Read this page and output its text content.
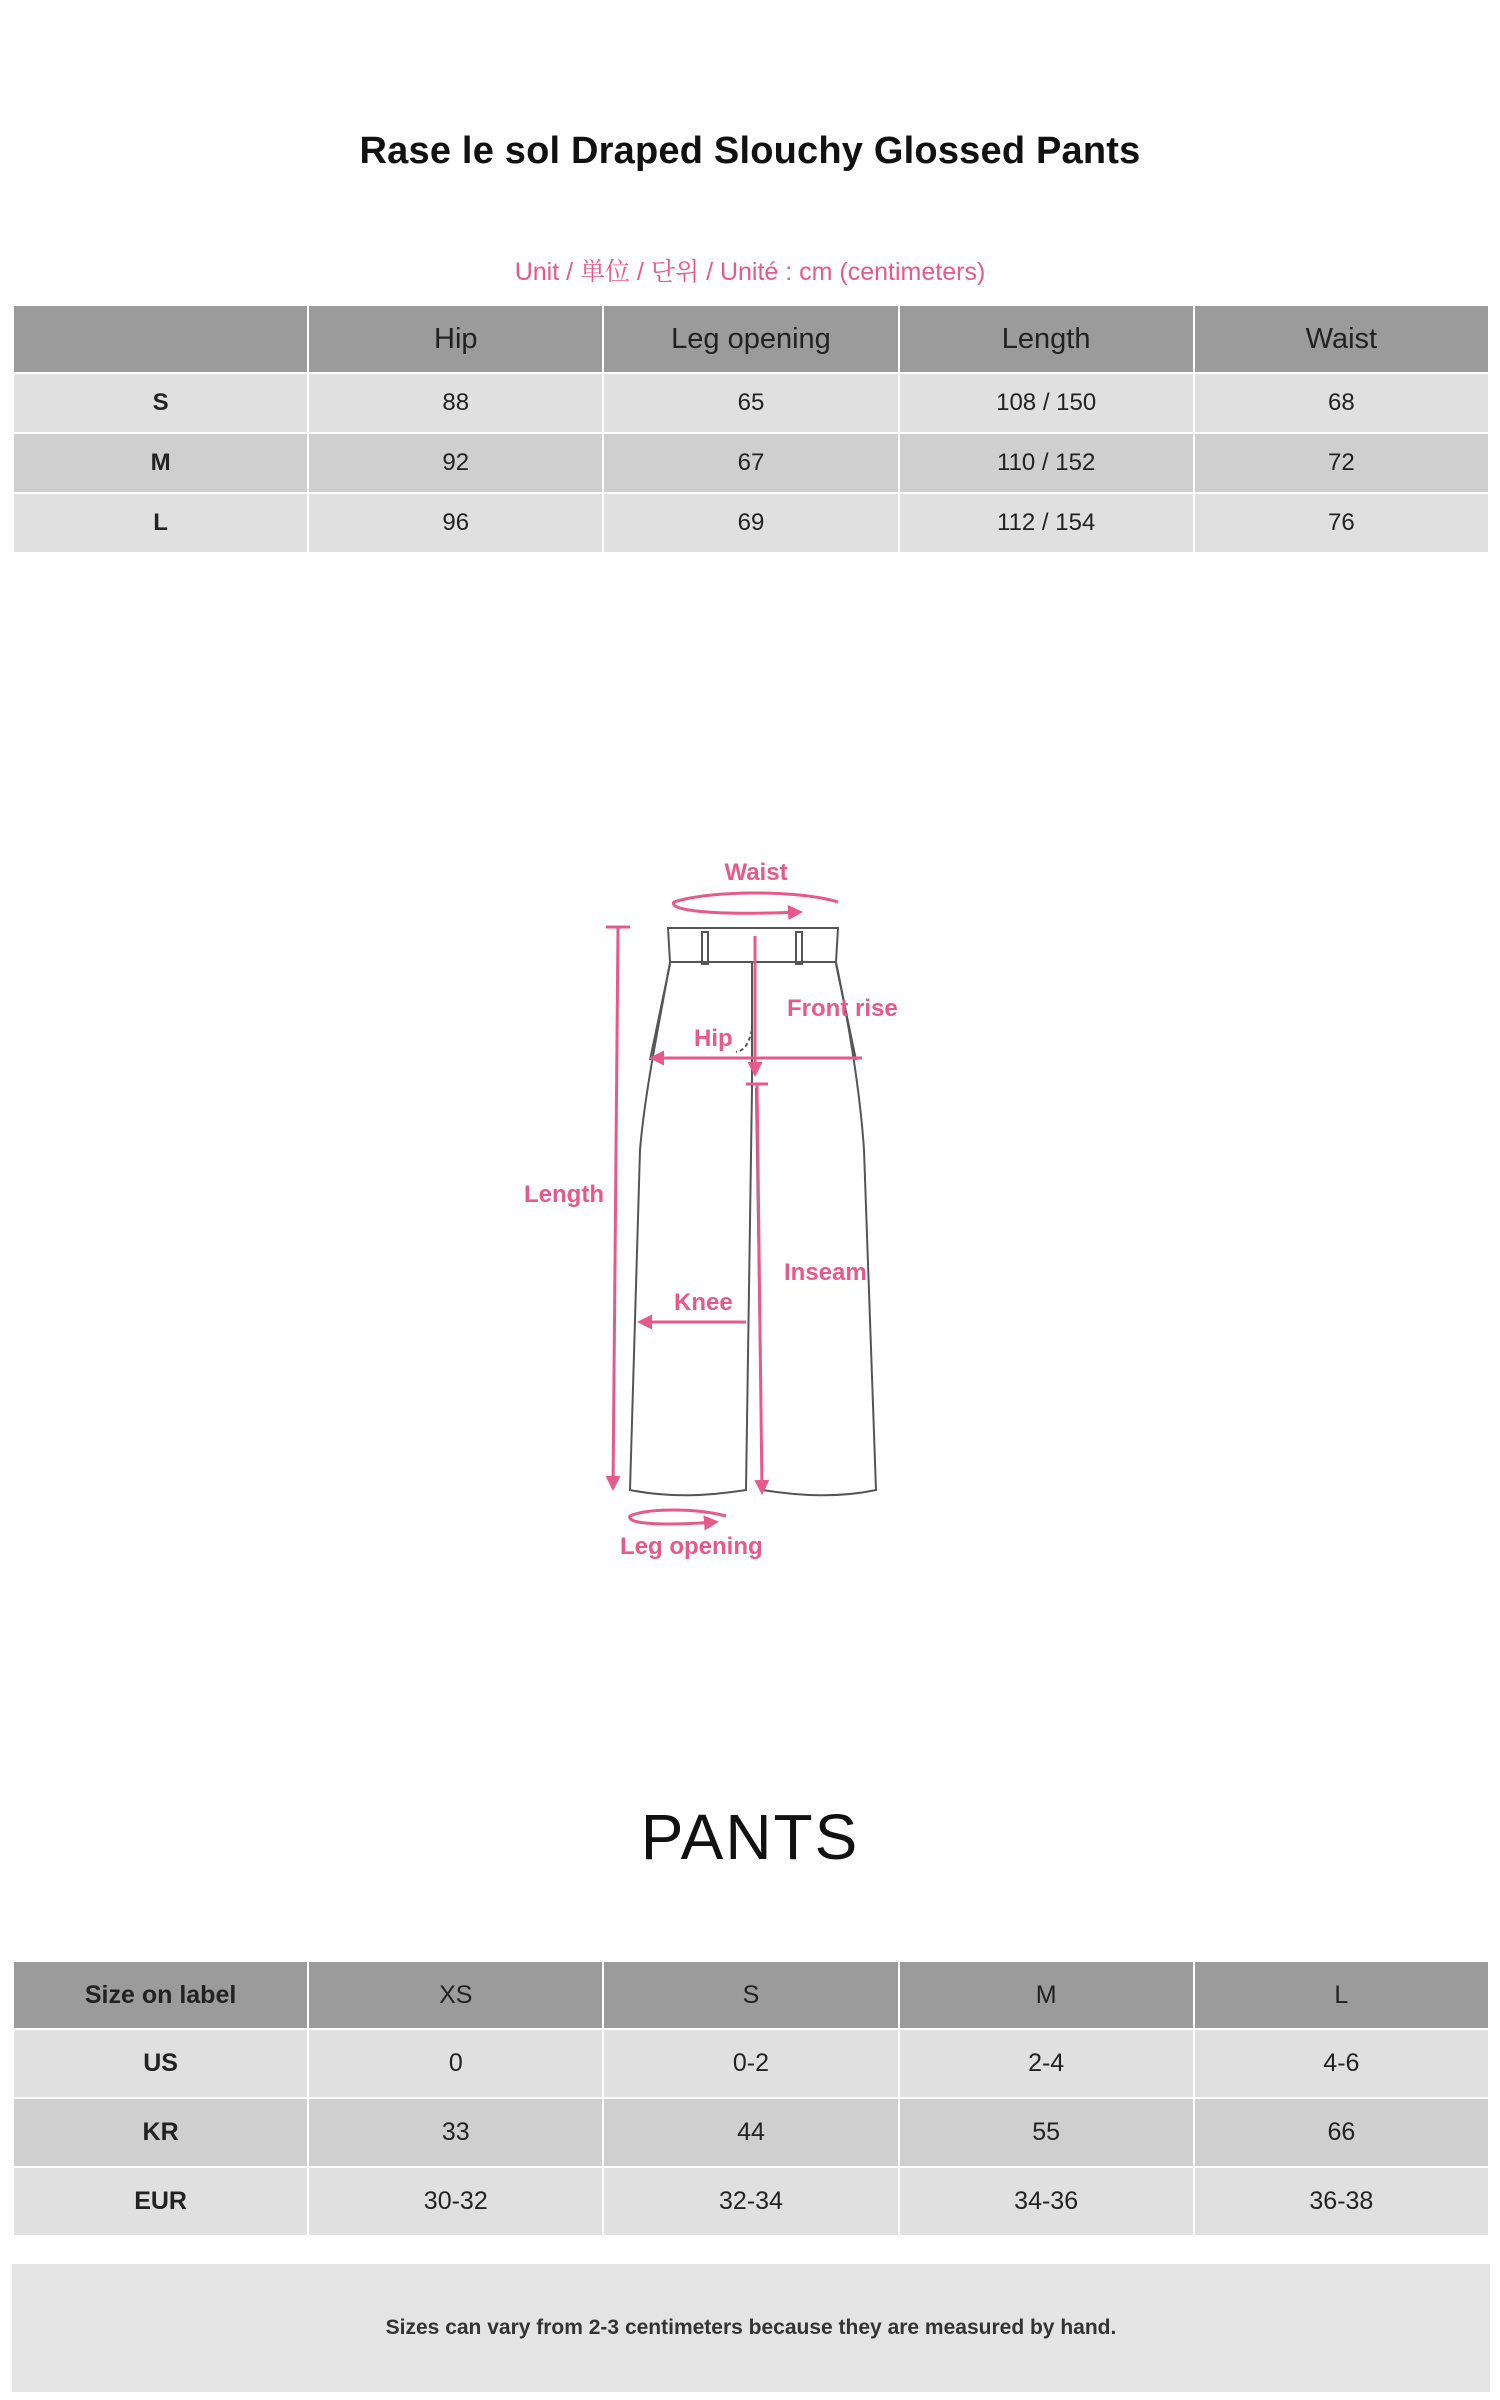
Rase le sol Draped Slouchy Glossed Pants
Unit / 単位 / 단위 / Unité : cm (centimeters)
	Hip	Leg opening	Length	Waist
S	88	65	108 / 150	68
M	92	67	110 / 152	72
L	96	69	112 / 154	76
Waist
Front rise
Hip
Length
Inseam
Knee
Leg opening
PANTS
Size on label	XS	S	M	L
US	0	0-2	2-4	4-6
KR	33	44	55	66
EUR	30-32	32-34	34-36	36-38
Sizes can vary from 2-3 centimeters because they are measured by hand.
